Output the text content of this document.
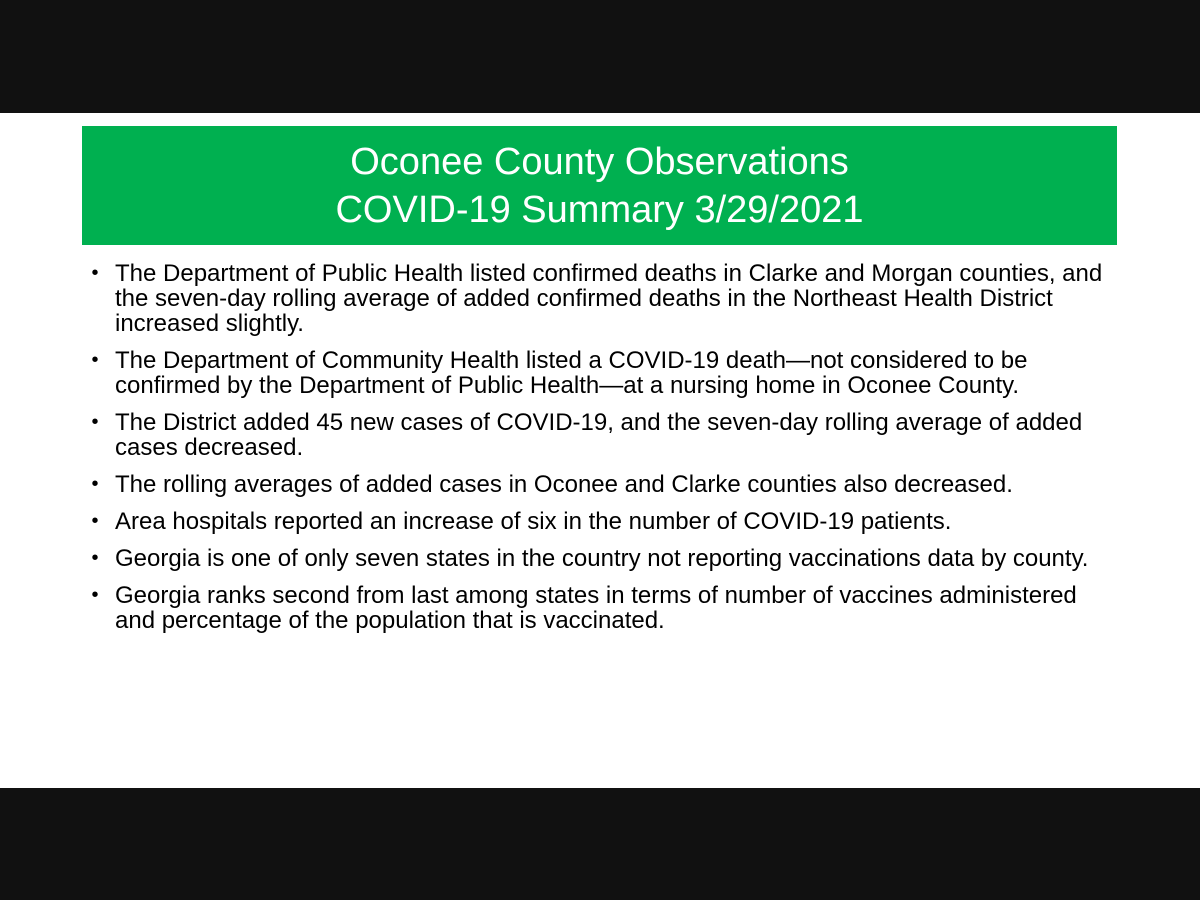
Oconee County Observations
COVID-19 Summary 3/29/2021
• The Department of Public Health listed confirmed deaths in Clarke and Morgan counties, and the seven-day rolling average of added confirmed deaths in the Northeast Health District increased slightly.
• The Department of Community Health listed a COVID-19 death—not considered to be confirmed by the Department of Public Health—at a nursing home in Oconee County.
• The District added 45 new cases of COVID-19, and the seven-day rolling average of added cases decreased.
• The rolling averages of added cases in Oconee and Clarke counties also decreased.
• Area hospitals reported an increase of six in the number of COVID-19 patients.
• Georgia is one of only seven states in the country not reporting vaccinations data by county.
• Georgia ranks second from last among states in terms of number of vaccines administered and percentage of the population that is vaccinated.
